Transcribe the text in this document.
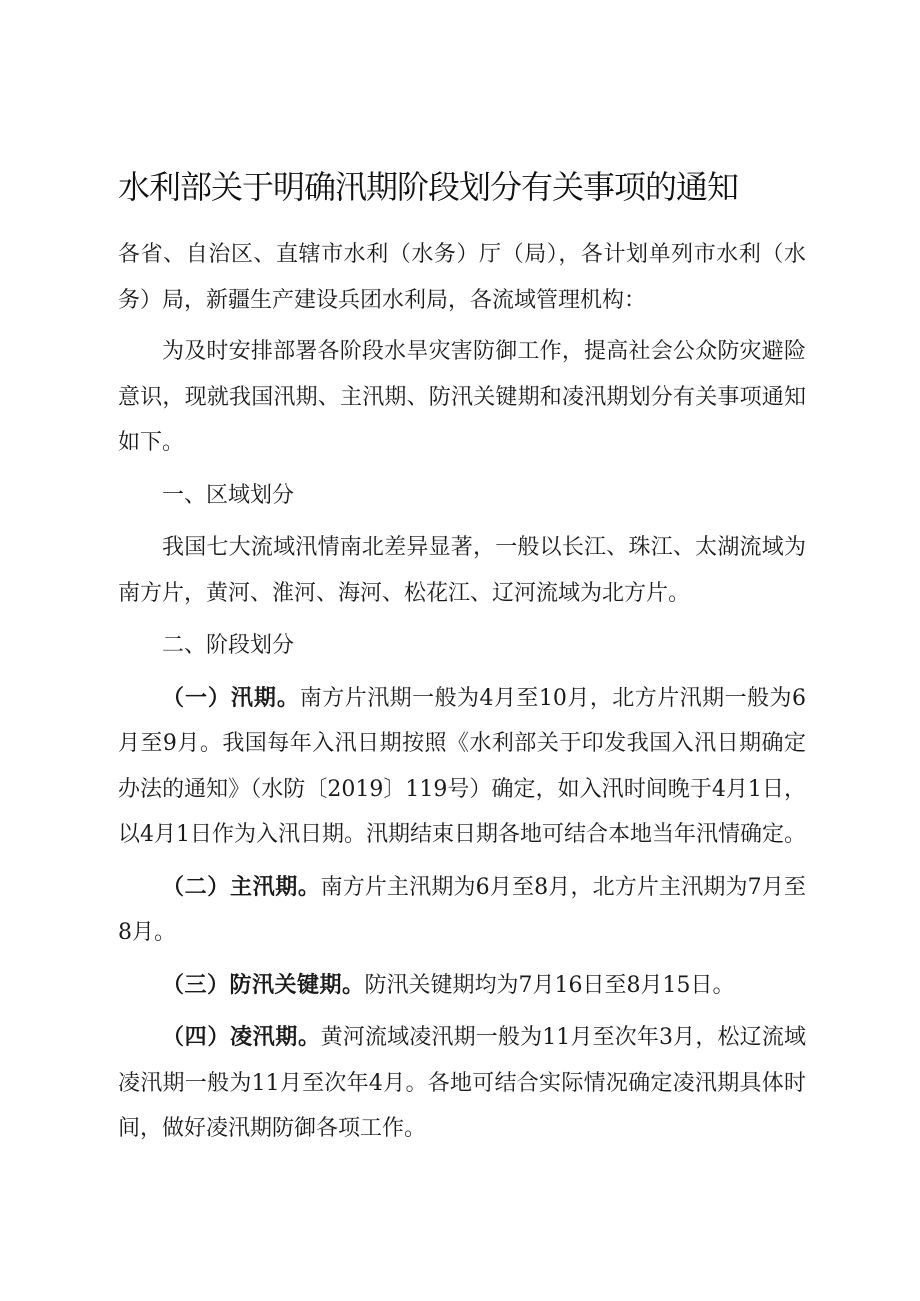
水利部关于明确汛期阶段划分有关事项的通知

各省、自治区、直辖市水利（水务）厅（局），各计划单列市水利（水务）局，新疆生产建设兵团水利局，各流域管理机构：

为及时安排部署各阶段水旱灾害防御工作，提高社会公众防灾避险意识，现就我国汛期、主汛期、防汛关键期和凌汛期划分有关事项通知如下。

一、区域划分

我国七大流域汛情南北差异显著，一般以长江、珠江、太湖流域为南方片，黄河、淮河、海河、松花江、辽河流域为北方片。

二、阶段划分

（一）汛期。南方片汛期一般为4月至10月，北方片汛期一般为6月至9月。我国每年入汛日期按照《水利部关于印发我国入汛日期确定办法的通知》（水防〔2019〕119号）确定，如入汛时间晚于4月1日，以4月1日作为入汛日期。汛期结束日期各地可结合本地当年汛情确定。

（二）主汛期。南方片主汛期为6月至8月，北方片主汛期为7月至8月。

（三）防汛关键期。防汛关键期均为7月16日至8月15日。

（四）凌汛期。黄河流域凌汛期一般为11月至次年3月，松辽流域凌汛期一般为11月至次年4月。各地可结合实际情况确定凌汛期具体时间，做好凌汛期防御各项工作。
